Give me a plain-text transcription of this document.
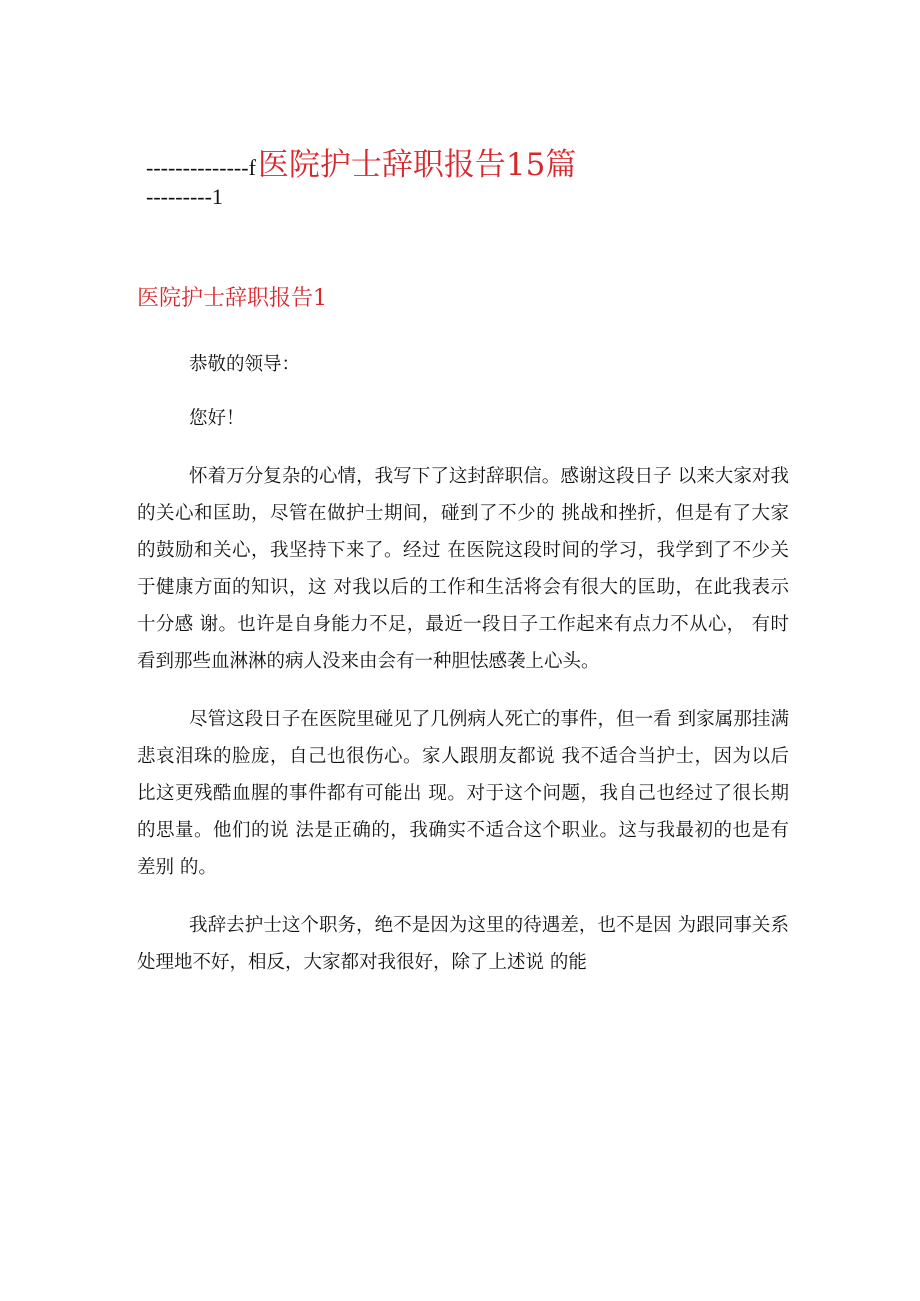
--------------f 医院护士辞职报告15篇
---------1
医院护士辞职报告1

恭敬的领导：

您好！

怀着万分复杂的心情，我写下了这封辞职信。感谢这段日子 以来大家对我的关心和匡助，尽管在做护士期间，碰到了不少的 挑战和挫折，但是有了大家的鼓励和关心，我坚持下来了。经过 在医院这段时间的学习，我学到了不少关于健康方面的知识，这 对我以后的工作和生活将会有很大的匡助，在此我表示十分感 谢。也许是自身能力不足，最近一段日子工作起来有点力不从心， 有时看到那些血淋淋的病人没来由会有一种胆怯感袭上心头。

尽管这段日子在医院里碰见了几例病人死亡的事件，但一看 到家属那挂满悲哀泪珠的脸庞，自己也很伤心。家人跟朋友都说 我不适合当护士，因为以后比这更残酷血腥的事件都有可能出 现。对于这个问题，我自己也经过了很长期的思量。他们的说 法是正确的，我确实不适合这个职业。这与我最初的也是有差别 的。

我辞去护士这个职务，绝不是因为这里的待遇差，也不是因 为跟同事关系处理地不好，相反，大家都对我很好，除了上述说 的能
